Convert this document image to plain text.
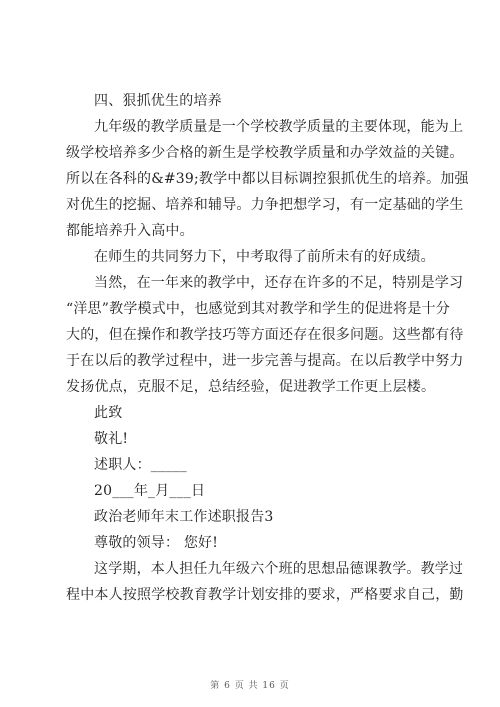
四、狠抓优生的培养
九年级的教学质量是一个学校教学质量的主要体现，能为上
级学校培养多少合格的新生是学校教学质量和办学效益的关键。
所以在各科的&#39;教学中都以目标调控狠抓优生的培养。加强
对优生的挖掘、培养和辅导。力争把想学习，有一定基础的学生
都能培养升入高中。
在师生的共同努力下，中考取得了前所未有的好成绩。
当然，在一年来的教学中，还存在许多的不足，特别是学习
“洋思”教学模式中，也感觉到其对教学和学生的促进将是十分
大的，但在操作和教学技巧等方面还存在很多问题。这些都有待
于在以后的教学过程中，进一步完善与提高。在以后教学中努力
发扬优点，克服不足，总结经验，促进教学工作更上层楼。
此致
敬礼!
述职人：_____
20___年_月___日
政治老师年末工作述职报告3
尊敬的领导： 您好!
这学期，本人担任九年级六个班的思想品德课教学。教学过
程中本人按照学校教育教学计划安排的要求，严格要求自己，勤
第 6 页 共 16 页
